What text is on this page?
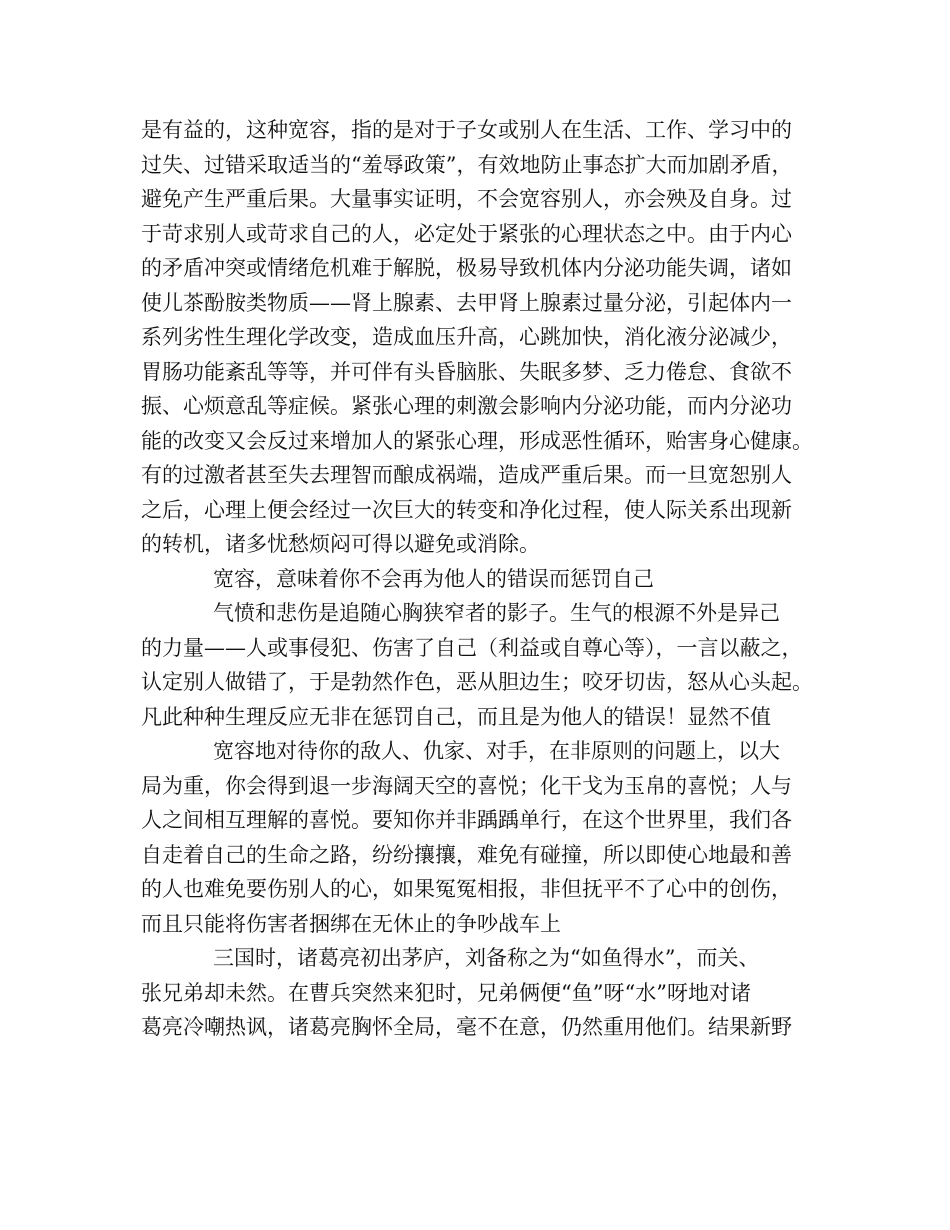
是有益的，这种宽容，指的是对于子女或别人在生活、工作、学习中的
过失、过错采取适当的“羞辱政策”，有效地防止事态扩大而加剧矛盾，
避免产生严重后果。大量事实证明，不会宽容别人，亦会殃及自身。过
于苛求别人或苛求自己的人，必定处于紧张的心理状态之中。由于内心
的矛盾冲突或情绪危机难于解脱，极易导致机体内分泌功能失调，诸如
使儿茶酚胺类物质——肾上腺素、去甲肾上腺素过量分泌，引起体内一
系列劣性生理化学改变，造成血压升高，心跳加快，消化液分泌减少，
胃肠功能紊乱等等，并可伴有头昏脑胀、失眠多梦、乏力倦怠、食欲不
振、心烦意乱等症候。紧张心理的刺激会影响内分泌功能，而内分泌功
能的改变又会反过来增加人的紧张心理，形成恶性循环，贻害身心健康。
有的过激者甚至失去理智而酿成祸端，造成严重后果。而一旦宽恕别人
之后，心理上便会经过一次巨大的转变和净化过程，使人际关系出现新
的转机，诸多忧愁烦闷可得以避免或消除。
宽容，意味着你不会再为他人的错误而惩罚自己
气愤和悲伤是追随心胸狭窄者的影子。生气的根源不外是异己
的力量——人或事侵犯、伤害了自己（利益或自尊心等），一言以蔽之，
认定别人做错了，于是勃然作色，恶从胆边生；咬牙切齿，怒从心头起。
凡此种种生理反应无非在惩罚自己，而且是为他人的错误！显然不值
宽容地对待你的敌人、仇家、对手，在非原则的问题上，以大
局为重，你会得到退一步海阔天空的喜悦；化干戈为玉帛的喜悦；人与
人之间相互理解的喜悦。要知你并非踽踽单行，在这个世界里，我们各
自走着自己的生命之路，纷纷攘攘，难免有碰撞，所以即使心地最和善
的人也难免要伤别人的心，如果冤冤相报，非但抚平不了心中的创伤，
而且只能将伤害者捆绑在无休止的争吵战车上
三国时，诸葛亮初出茅庐，刘备称之为“如鱼得水”，而关、
张兄弟却未然。在曹兵突然来犯时，兄弟俩便“鱼”呀“水”呀地对诸
葛亮冷嘲热讽，诸葛亮胸怀全局，毫不在意，仍然重用他们。结果新野
